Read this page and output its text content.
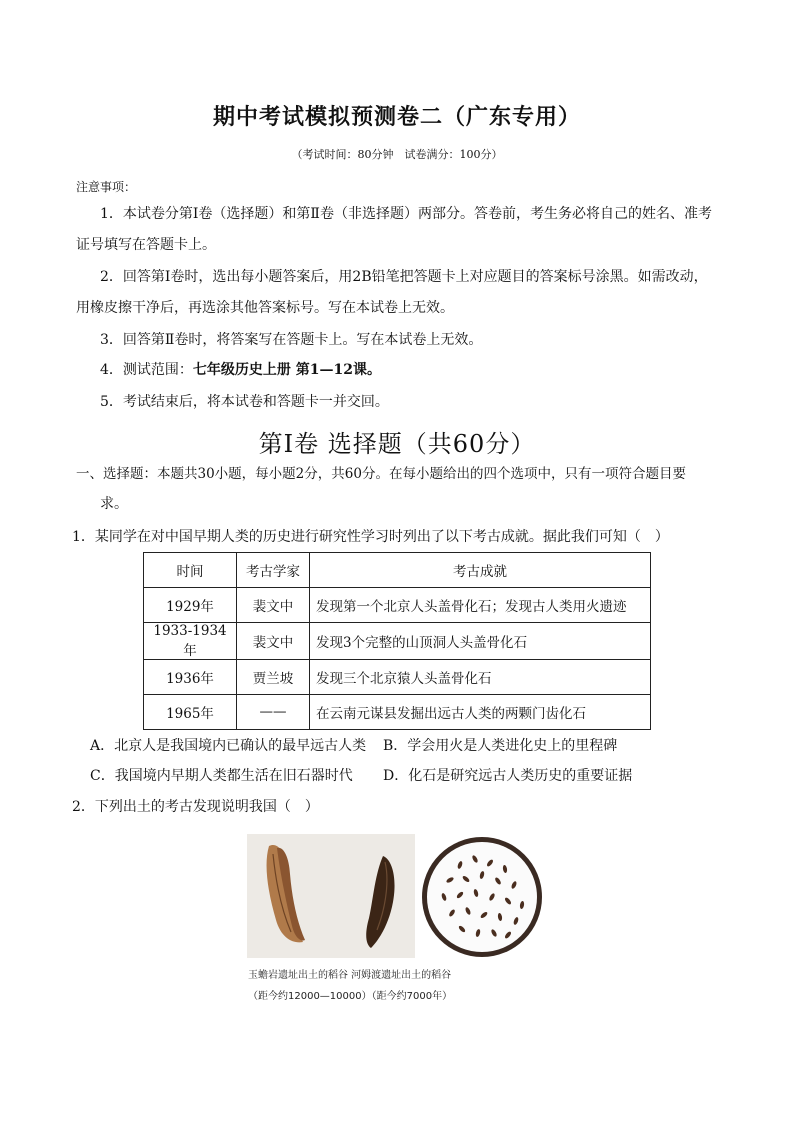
期中考试模拟预测卷二（广东专用）
（考试时间：80分钟　试卷满分：100分）
注意事项：
1．本试卷分第Ⅰ卷（选择题）和第Ⅱ卷（非选择题）两部分。答卷前，考生务必将自己的姓名、准考
证号填写在答题卡上。
2．回答第Ⅰ卷时，选出每小题答案后，用2B铅笔把答题卡上对应题目的答案标号涂黑。如需改动，
用橡皮擦干净后，再选涂其他答案标号。写在本试卷上无效。
3．回答第Ⅱ卷时，将答案写在答题卡上。写在本试卷上无效。
4．测试范围：七年级历史上册 第1—12课。
5．考试结束后，将本试卷和答题卡一并交回。
第Ⅰ卷 选择题（共60分）
一、选择题：本题共30小题，每小题2分，共60分。在每小题给出的四个选项中，只有一项符合题目要
求。
1．某同学在对中国早期人类的历史进行研究性学习时列出了以下考古成就。据此我们可知（　）
时间	考古学家	考古成就
1929年	裴文中	发现第一个北京人头盖骨化石；发现古人类用火遗迹
1933-1934年	裴文中	发现3个完整的山顶洞人头盖骨化石
1936年	贾兰坡	发现三个北京猿人头盖骨化石
1965年	——	在云南元谋县发掘出远古人类的两颗门齿化石
A．北京人是我国境内已确认的最早远古人类 B．学会用火是人类进化史上的里程碑
C．我国境内早期人类都生活在旧石器时代 D．化石是研究远古人类历史的重要证据
2．下列出土的考古发现说明我国（　）
玉蟾岩遗址出土的稻谷 河姆渡遗址出土的稻谷
（距今约12000—10000）（距今约7000年）
